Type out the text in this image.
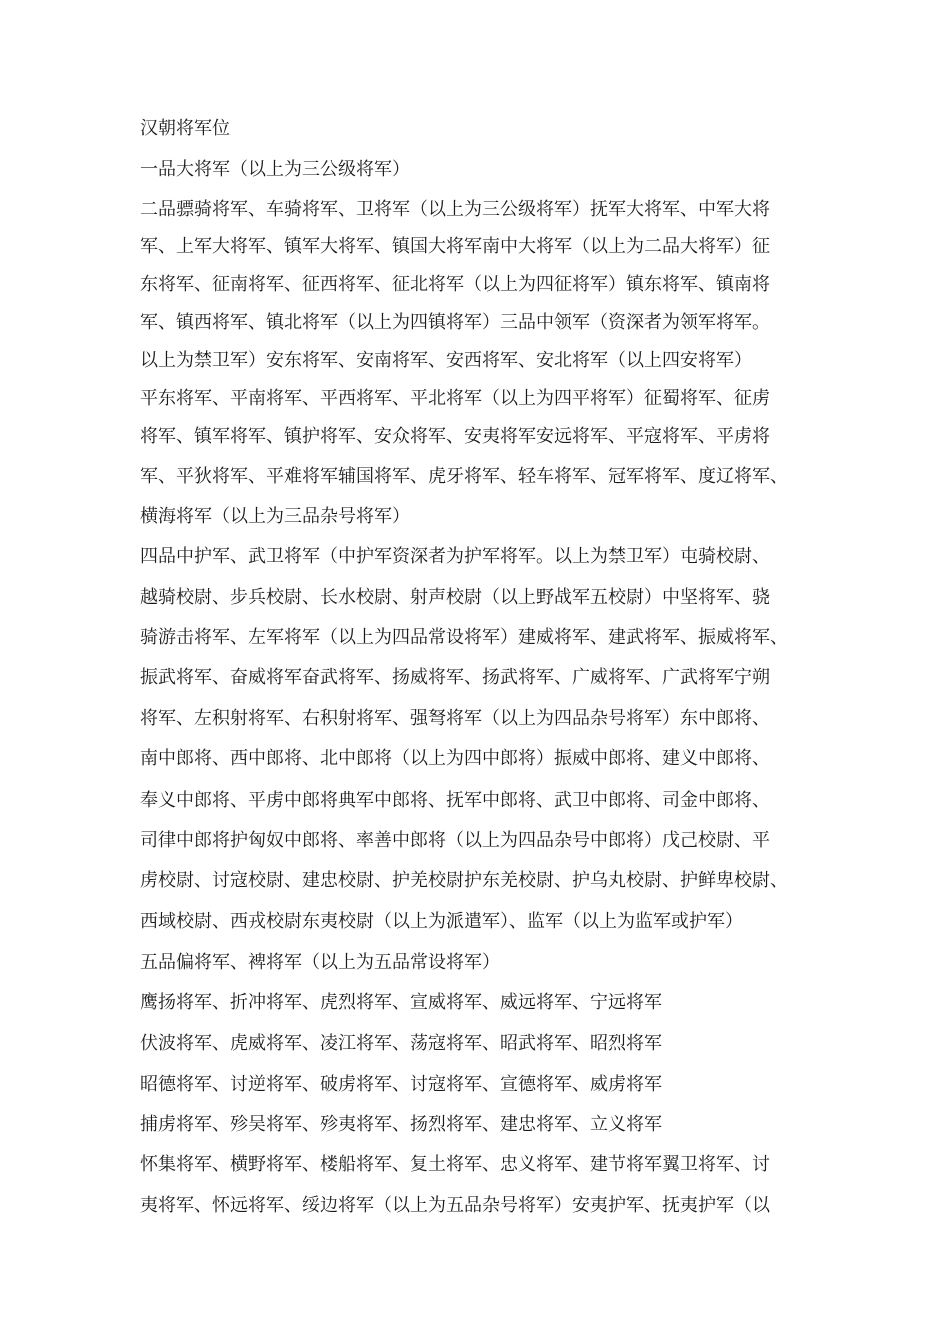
汉朝将军位
一品大将军（以上为三公级将军）
二品骠骑将军、车骑将军、卫将军（以上为三公级将军）抚军大将军、中军大将
军、上军大将军、镇军大将军、镇国大将军南中大将军（以上为二品大将军）征
东将军、征南将军、征西将军、征北将军（以上为四征将军）镇东将军、镇南将
军、镇西将军、镇北将军（以上为四镇将军）三品中领军（资深者为领军将军。
以上为禁卫军）安东将军、安南将军、安西将军、安北将军（以上四安将军）
平东将军、平南将军、平西将军、平北将军（以上为四平将军）征蜀将军、征虏
将军、镇军将军、镇护将军、安众将军、安夷将军安远将军、平寇将军、平虏将
军、平狄将军、平难将军辅国将军、虎牙将军、轻车将军、冠军将军、度辽将军、
横海将军（以上为三品杂号将军）
四品中护军、武卫将军（中护军资深者为护军将军。以上为禁卫军）屯骑校尉、
越骑校尉、步兵校尉、长水校尉、射声校尉（以上野战军五校尉）中坚将军、骁
骑游击将军、左军将军（以上为四品常设将军）建威将军、建武将军、振威将军、
振武将军、奋威将军奋武将军、扬威将军、扬武将军、广威将军、广武将军宁朔
将军、左积射将军、右积射将军、强弩将军（以上为四品杂号将军）东中郎将、
南中郎将、西中郎将、北中郎将（以上为四中郎将）振威中郎将、建义中郎将、
奉义中郎将、平虏中郎将典军中郎将、抚军中郎将、武卫中郎将、司金中郎将、
司律中郎将护匈奴中郎将、率善中郎将（以上为四品杂号中郎将）戊己校尉、平
虏校尉、讨寇校尉、建忠校尉、护羌校尉护东羌校尉、护乌丸校尉、护鲜卑校尉、
西域校尉、西戎校尉东夷校尉（以上为派遣军）、监军（以上为监军或护军）
五品偏将军、裨将军（以上为五品常设将军）
鹰扬将军、折冲将军、虎烈将军、宣威将军、威远将军、宁远将军
伏波将军、虎威将军、凌江将军、荡寇将军、昭武将军、昭烈将军
昭德将军、讨逆将军、破虏将军、讨寇将军、宣德将军、威虏将军
捕虏将军、殄吴将军、殄夷将军、扬烈将军、建忠将军、立义将军
怀集将军、横野将军、楼船将军、复土将军、忠义将军、建节将军翼卫将军、讨
夷将军、怀远将军、绥边将军（以上为五品杂号将军）安夷护军、抚夷护军（以
